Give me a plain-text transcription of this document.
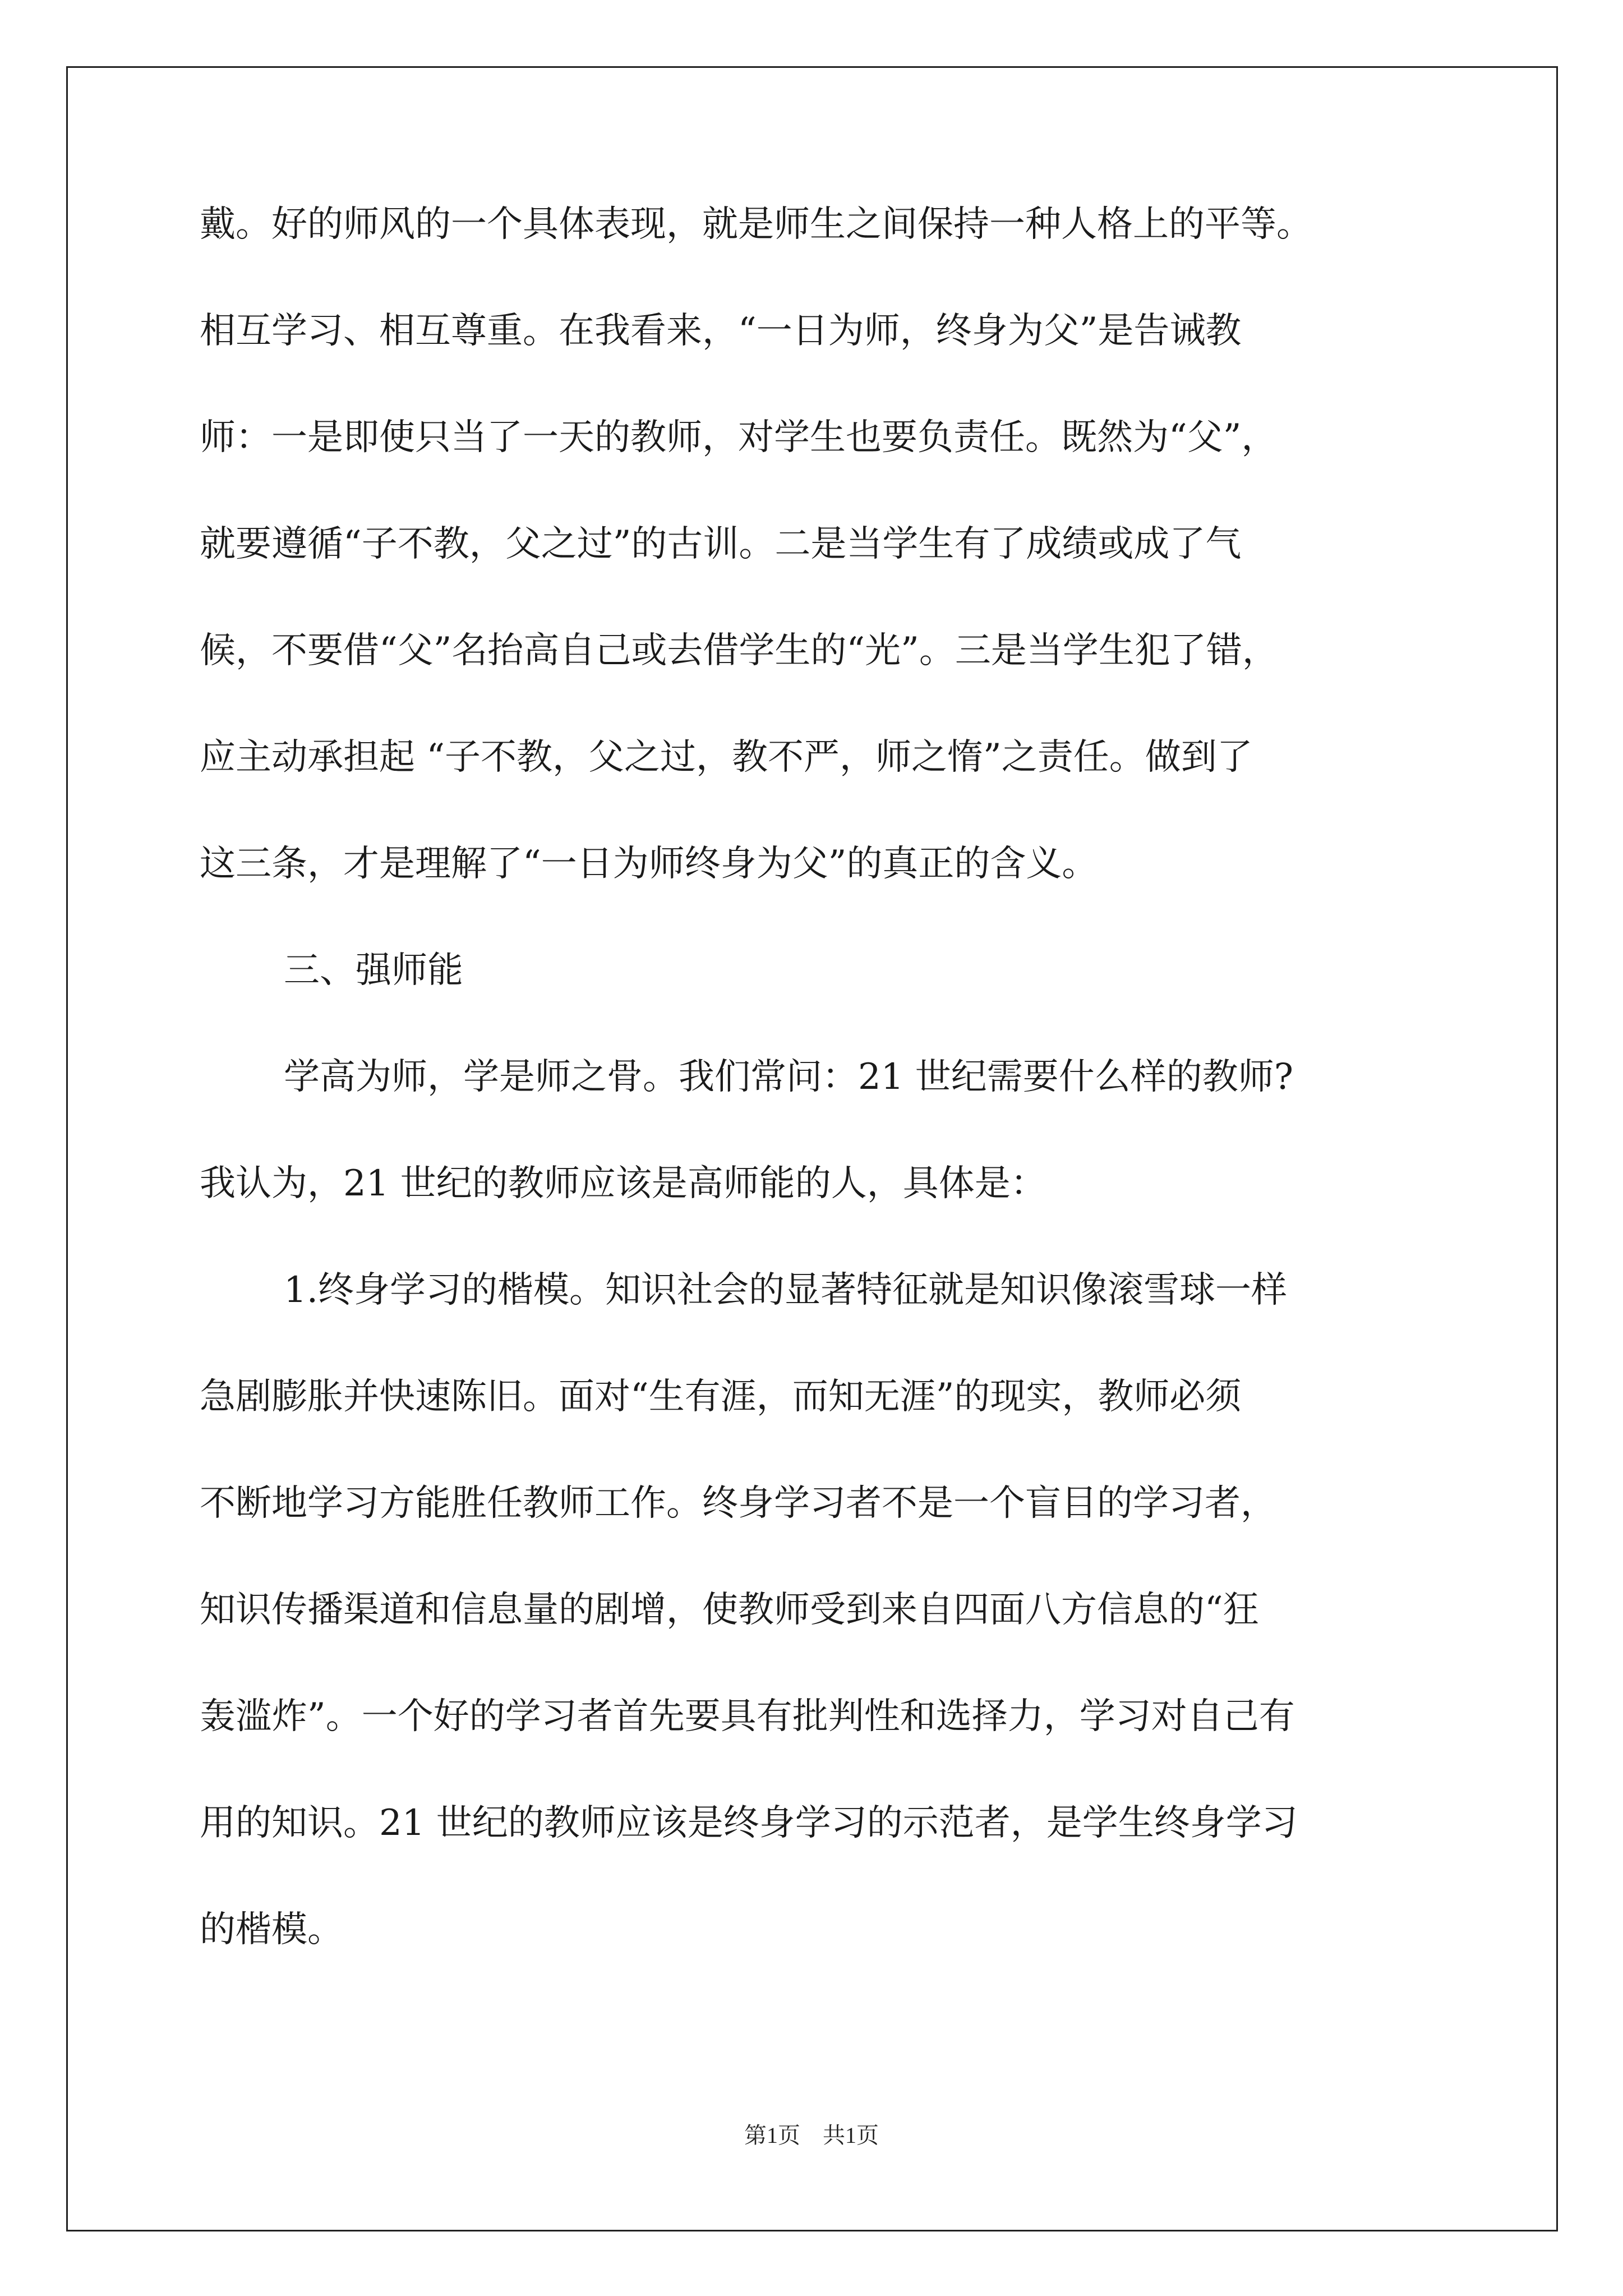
戴。好的师风的一个具体表现，就是师生之间保持一种人格上的平等。
相互学习、相互尊重。在我看来，“一日为师，终身为父”是告诫教
师：一是即使只当了一天的教师，对学生也要负责任。既然为“父”，
就要遵循“子不教，父之过”的古训。二是当学生有了成绩或成了气
候，不要借“父”名抬高自己或去借学生的“光”。三是当学生犯了错，
应主动承担起 “子不教，父之过，教不严，师之惰”之责任。做到了
这三条，才是理解了“一日为师终身为父”的真正的含义。
三、强师能
学高为师，学是师之骨。我们常问：21 世纪需要什么样的教师?
我认为，21 世纪的教师应该是高师能的人，具体是：
1.终身学习的楷模。知识社会的显著特征就是知识像滚雪球一样
急剧膨胀并快速陈旧。面对“生有涯，而知无涯”的现实，教师必须
不断地学习方能胜任教师工作。终身学习者不是一个盲目的学习者，
知识传播渠道和信息量的剧增，使教师受到来自四面八方信息的“狂
轰滥炸”。一个好的学习者首先要具有批判性和选择力，学习对自己有
用的知识。21 世纪的教师应该是终身学习的示范者，是学生终身学习
的楷模。
第1页　共1页
